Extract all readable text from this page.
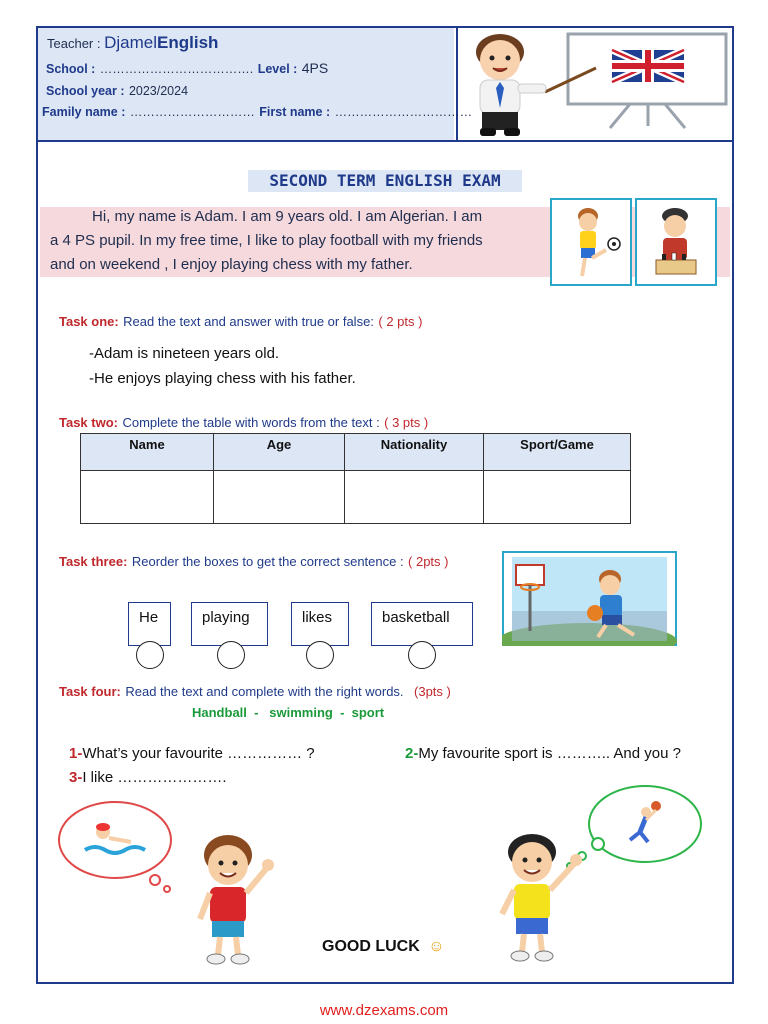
Teacher : DjamelEnglish
School : ………………………………. Level : 4PS
School year : 2023/2024
Family name : ………………………… First name : ……………………………
SECOND TERM ENGLISH EXAM
Hi, my name is Adam. I am 9 years old. I am Algerian. I am
a 4 PS pupil. In my free time, I like to play football with my friends
and on weekend , I enjoy playing chess with my father.
Task one: Read the text and answer with true or false: ( 2 pts )
-Adam is nineteen years old.
-He enjoys playing chess with his father.
Task two: Complete the table with words from the text : ( 3 pts )
Name	Age	Nationality	Sport/Game

Task three: Reorder the boxes to get the correct sentence : ( 2pts )
He	playing	likes	basketball
Task four: Read the text and complete with the right words. (3pts )
Handball  -   swimming  -  sport
1-What’s your favourite …………… ?	2-My favourite sport is ……….. And you ?
3-I like ………………….
GOOD LUCK ☺
www.dzexams.com
